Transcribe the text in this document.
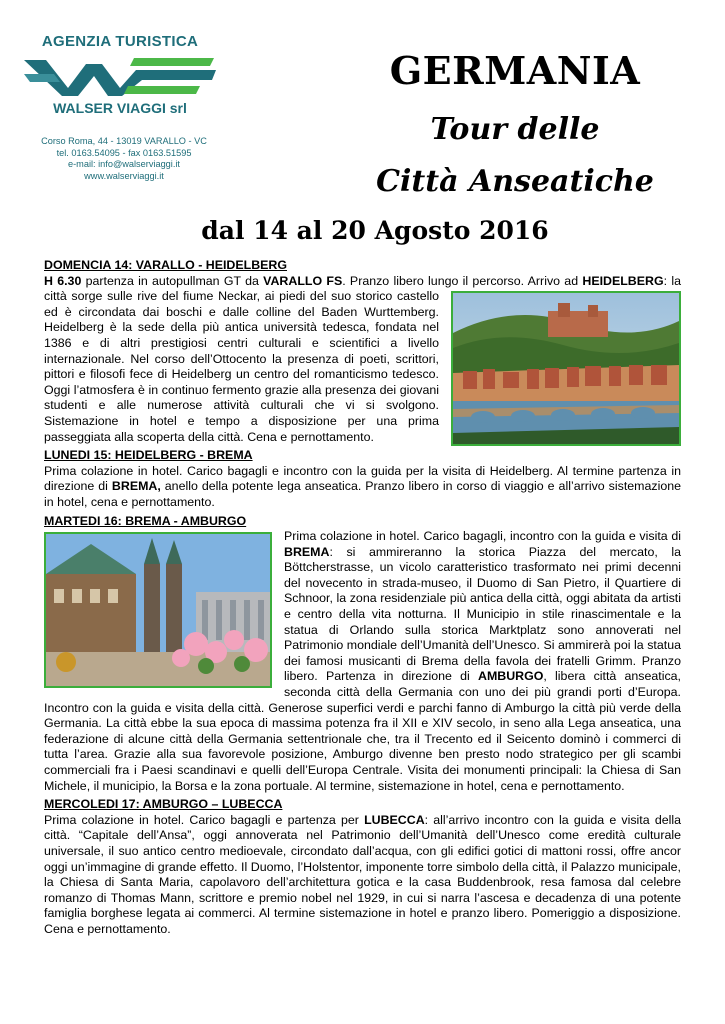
AGENZIA TURISTICA
WALSER VIAGGI srl
Corso Roma, 44 - 13019 VARALLO - VC
tel. 0163.54095 - fax 0163.51595
e-mail: info@walserviaggi.it
www.walserviaggi.it
GERMANIA
Tour delle
Città Anseatiche
dal 14 al 20 Agosto 2016
DOMENCIA 14: VARALLO - HEIDELBERG

H 6.30 partenza in autopullman GT da VARALLO FS. Pranzo libero lungo il percorso. Arrivo ad HEIDELBERG
: la città sorge sulle rive del fiume Neckar, ai piedi del suo storico castello ed è circondata dai boschi e dalle colline del Baden Wurttemberg. Heidelberg è la sede della più antica università tedesca, fondata nel 1386 e di altri prestigiosi centri culturali e scientifici a livello internazionale. Nel corso dell’Ottocento la presenza di poeti, scrittori, pittori e filosofi fece di Heidelberg un centro del romanticismo tedesco. Oggi l’atmosfera è in continuo fermento grazie alla presenza dei giovani studenti e alle numerose attività culturali che vi si svolgono. Sistemazione in hotel e tempo a disposizione per una prima passeggiata alla scoperta della città. Cena e pernottamento.

LUNEDI 15: HEIDELBERG - BREMA

Prima colazione in hotel. Carico bagagli e incontro con la guida per la visita di Heidelberg. Al termine partenza in direzione di BREMA, anello della potente lega anseatica. Pranzo libero in corso di viaggio e all’arrivo sistemazione in hotel, cena e pernottamento.

MARTEDI 16: BREMA - AMBURGO

Prima colazione in hotel. Carico bagagli, incontro con la guida e visita di BREMA: si ammireranno la storica Piazza del mercato, la Böttcherstrasse, un vicolo caratteristico trasformato nei primi decenni del novecento in strada-museo, il Duomo di San Pietro, il Quartiere di Schnoor, la zona residenziale più antica della città, oggi abitata da artisti e centro della vita notturna. Il Municipio in stile rinascimentale e la statua di Orlando sulla storica Marktplatz sono annoverati nel Patrimonio mondiale dell’Umanità dell’Unesco. Si ammirerà poi la statua dei famosi musicanti di Brema della favola dei fratelli Grimm. Pranzo libero. Partenza in direzione di AMBURGO, libera città anseatica, seconda città della Germania con uno dei più grandi porti d’Europa. Incontro con la guida e visita della città. Generose superfici verdi e parchi fanno di Amburgo la città più verde della Germania. La città ebbe la sua epoca di massima potenza fra il XII e XIV secolo, in seno alla Lega anseatica, una federazione di alcune città della Germania settentrionale che, tra il Trecento ed il Seicento dominò i commerci di tutta l’area. Grazie alla sua favorevole posizione, Amburgo divenne ben presto nodo strategico per gli scambi commerciali fra i Paesi scandinavi e quelli dell’Europa Centrale. Visita dei monumenti principali: la Chiesa di San Michele, il municipio, la Borsa e la zona portuale. Al termine, sistemazione in hotel, cena e pernottamento.

MERCOLEDI 17: AMBURGO – LUBECCA

Prima colazione in hotel. Carico bagagli e partenza per LUBECCA: all’arrivo incontro con la guida e visita della città. “Capitale dell’Ansa”, oggi annoverata nel Patrimonio dell’Umanità dell’Unesco come eredità culturale universale, il suo antico centro medioevale, circondato dall’acqua, con gli edifici gotici di mattoni rossi, offre ancor oggi un’immagine di grande effetto. Il Duomo, l’Holstentor, imponente torre simbolo della città, il Palazzo municipale, la Chiesa di Santa Maria, capolavoro dell’architettura gotica e la casa Buddenbrook, resa famosa dal celebre romanzo di Thomas Mann, scrittore e premio nobel nel 1929, in cui si narra l’ascesa e decadenza di una potente famiglia borghese legata ai commerci. Al termine sistemazione in hotel e pranzo libero. Pomeriggio a disposizione. Cena e pernottamento.
